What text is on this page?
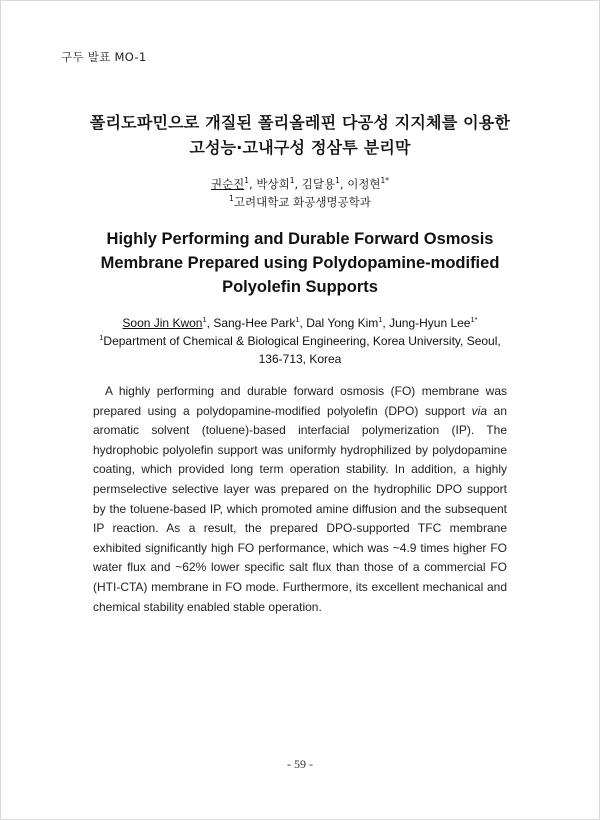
구두 발표 MO-1
폴리도파민으로 개질된 폴리올레핀 다공성 지지체를 이용한
고성능·고내구성 정삼투 분리막
권순진$^1$, 박상희$^1$, 김달용$^1$, 이정현$^{1*}$
$^1$고려대학교 화공생명공학과
Highly Performing and Durable Forward Osmosis
Membrane Prepared using Polydopamine-modified
Polyolefin Supports
Soon Jin Kwon$^1$, Sang-Hee Park$^1$, Dal Yong Kim$^1$, Jung-Hyun Lee$^{1*}$
$^1$Department of Chemical & Biological Engineering, Korea University, Seoul,
136-713, Korea

A highly performing and durable forward osmosis (FO) membrane was prepared using a polydopamine-modified polyolefin (DPO) support via an aromatic solvent (toluene)-based interfacial polymerization (IP). The hydrophobic polyolefin support was uniformly hydrophilized by polydopamine coating, which provided long term operation stability. In addition, a highly permselective selective layer was prepared on the hydrophilic DPO support by the toluene-based IP, which promoted amine diffusion and the subsequent IP reaction. As a result, the prepared DPO-supported TFC membrane exhibited significantly high FO performance, which was ~4.9 times higher FO water flux and ~62% lower specific salt flux than those of a commercial FO (HTI-CTA) membrane in FO mode. Furthermore, its excellent mechanical and chemical stability enabled stable operation.

- 59 -
